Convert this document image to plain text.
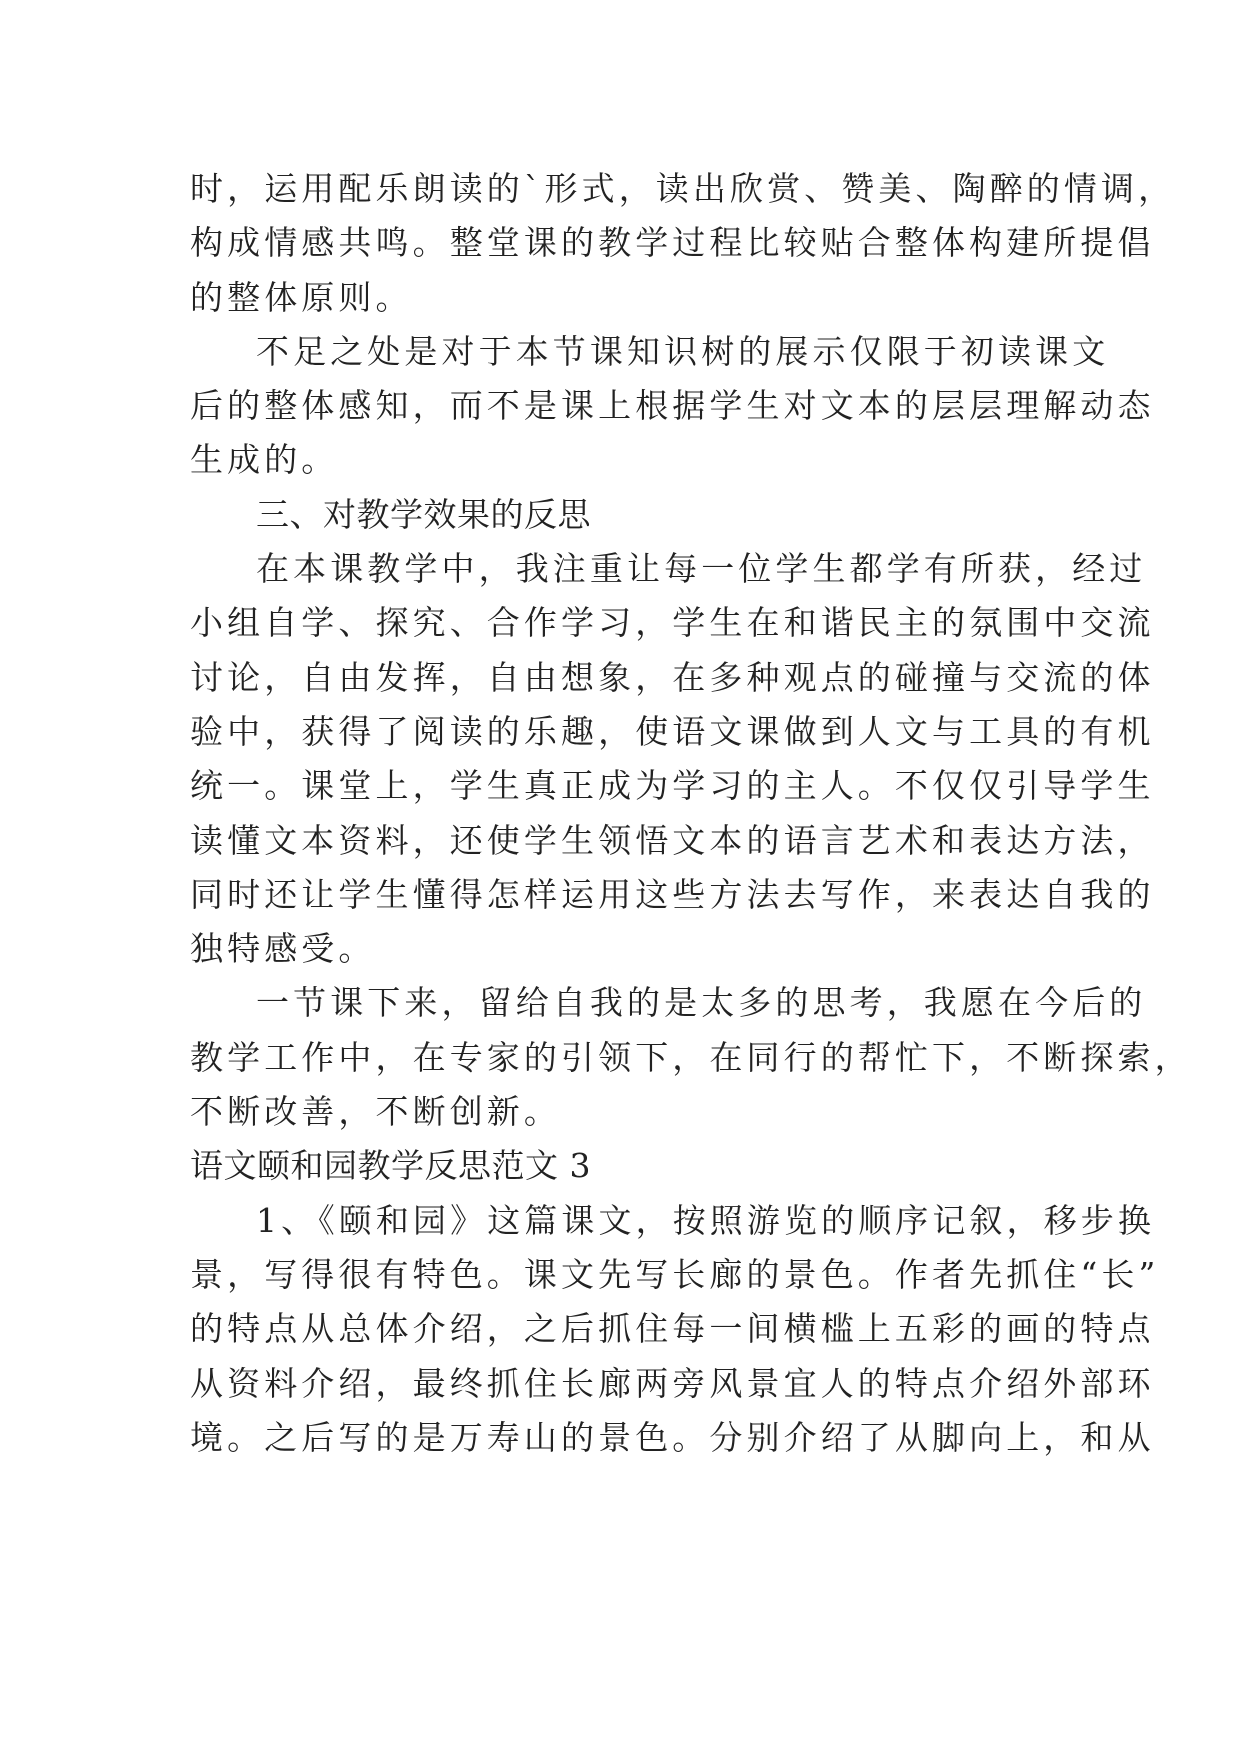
时，运用配乐朗读的`形式，读出欣赏、赞美、陶醉的情调，
构成情感共鸣。整堂课的教学过程比较贴合整体构建所提倡
的整体原则。
不足之处是对于本节课知识树的展示仅限于初读课文
后的整体感知，而不是课上根据学生对文本的层层理解动态
生成的。
三、对教学效果的反思
在本课教学中，我注重让每一位学生都学有所获，经过
小组自学、探究、合作学习，学生在和谐民主的氛围中交流
讨论，自由发挥，自由想象，在多种观点的碰撞与交流的体
验中，获得了阅读的乐趣，使语文课做到人文与工具的有机
统一。课堂上，学生真正成为学习的主人。不仅仅引导学生
读懂文本资料，还使学生领悟文本的语言艺术和表达方法，
同时还让学生懂得怎样运用这些方法去写作，来表达自我的
独特感受。
一节课下来，留给自我的是太多的思考，我愿在今后的
教学工作中，在专家的引领下，在同行的帮忙下，不断探索，
不断改善，不断创新。
语文颐和园教学反思范文 3
1、《颐和园》这篇课文，按照游览的顺序记叙，移步换
景，写得很有特色。课文先写长廊的景色。作者先抓住“长”
的特点从总体介绍，之后抓住每一间横槛上五彩的画的特点
从资料介绍，最终抓住长廊两旁风景宜人的特点介绍外部环
境。之后写的是万寿山的景色。分别介绍了从脚向上，和从
